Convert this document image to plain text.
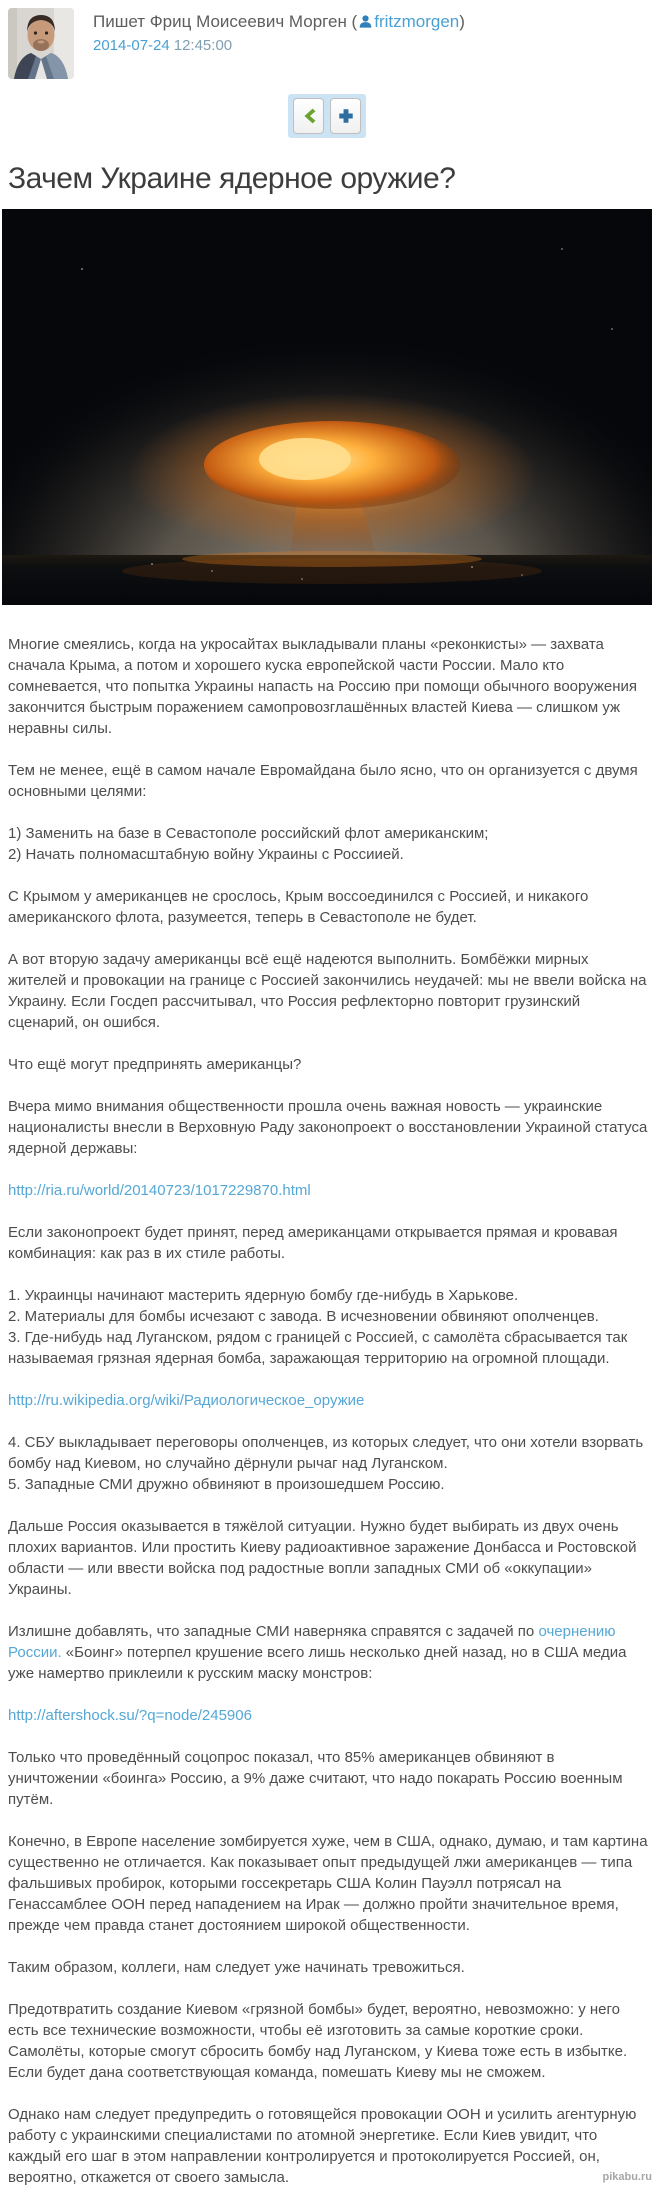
Пишет Фриц Моисеевич Морген ( fritzmorgen)
2014-07-24 12:45:00
Зачем Украине ядерное оружие?

Многие смеялись, когда на укросайтах выкладывали планы «реконкисты» — захвата сначала Крыма, а потом и хорошего куска европейской части России. Мало кто сомневается, что попытка Украины напасть на Россию при помощи обычного вооружения закончится быстрым поражением самопровозглашённых властей Киева — слишком уж неравны силы.

Тем не менее, ещё в самом начале Евромайдана было ясно, что он организуется с двумя основными целями:

1) Заменить на базе в Севастополе российский флот американским;
2) Начать полномасштабную войну Украины с Россиией.

С Крымом у американцев не срослось, Крым воссоединился с Россией, и никакого американского флота, разумеется, теперь в Севастополе не будет.

А вот вторую задачу американцы всё ещё надеются выполнить. Бомбёжки мирных жителей и провокации на границе с Россией закончились неудачей: мы не ввели войска на Украину. Если Госдеп рассчитывал, что Россия рефлекторно повторит грузинский сценарий, он ошибся.

Что ещё могут предпринять американцы?

Вчера мимо внимания общественности прошла очень важная новость — украинские националисты внесли в Верховную Раду законопроект о восстановлении Украиной статуса ядерной державы:

http://ria.ru/world/20140723/1017229870.html

Если законопроект будет принят, перед американцами открывается прямая и кровавая комбинация: как раз в их стиле работы.

1. Украинцы начинают мастерить ядерную бомбу где-нибудь в Харькове.
2. Материалы для бомбы исчезают с завода. В исчезновении обвиняют ополченцев.
3. Где-нибудь над Луганском, рядом с границей с Россией, с самолёта сбрасывается так называемая грязная ядерная бомба, заражающая территорию на огромной площади.

http://ru.wikipedia.org/wiki/Радиологическое_оружие

4. СБУ выкладывает переговоры ополченцев, из которых следует, что они хотели взорвать бомбу над Киевом, но случайно дёрнули рычаг над Луганском.
5. Западные СМИ дружно обвиняют в произошедшем Россию.

Дальше Россия оказывается в тяжёлой ситуации. Нужно будет выбирать из двух очень плохих вариантов. Или простить Киеву радиоактивное заражение Донбасса и Ростовской области — или ввести войска под радостные вопли западных СМИ об «оккупации» Украины.

Излишне добавлять, что западные СМИ наверняка справятся с задачей по очернению России. «Боинг» потерпел крушение всего лишь несколько дней назад, но в США медиа уже намертво приклеили к русским маску монстров:

http://aftershock.su/?q=node/245906

Только что проведённый соцопрос показал, что 85% американцев обвиняют в уничтожении «боинга» Россию, а 9% даже считают, что надо покарать Россию военным путём.

Конечно, в Европе население зомбируется хуже, чем в США, однако, думаю, и там картина существенно не отличается. Как показывает опыт предыдущей лжи американцев — типа фальшивых пробирок, которыми госсекретарь США Колин Пауэлл потрясал на Генассамблее ООН перед нападением на Ирак — должно пройти значительное время, прежде чем правда станет достоянием широкой общественности.

Таким образом, коллеги, нам следует уже начинать тревожиться.

Предотвратить создание Киевом «грязной бомбы» будет, вероятно, невозможно: у него есть все технические возможности, чтобы её изготовить за самые короткие сроки. Самолёты, которые смогут сбросить бомбу над Луганском, у Киева тоже есть в избытке. Если будет дана соответствующая команда, помешать Киеву мы не сможем.

Однако нам следует предупредить о готовящейся провокации ООН и усилить агентурную работу с украинскими специалистами по атомной энергетике. Если Киев увидит, что каждый его шаг в этом направлении контролируется и протоколируется Россией, он, вероятно, откажется от своего замысла.	pikabu.ru
